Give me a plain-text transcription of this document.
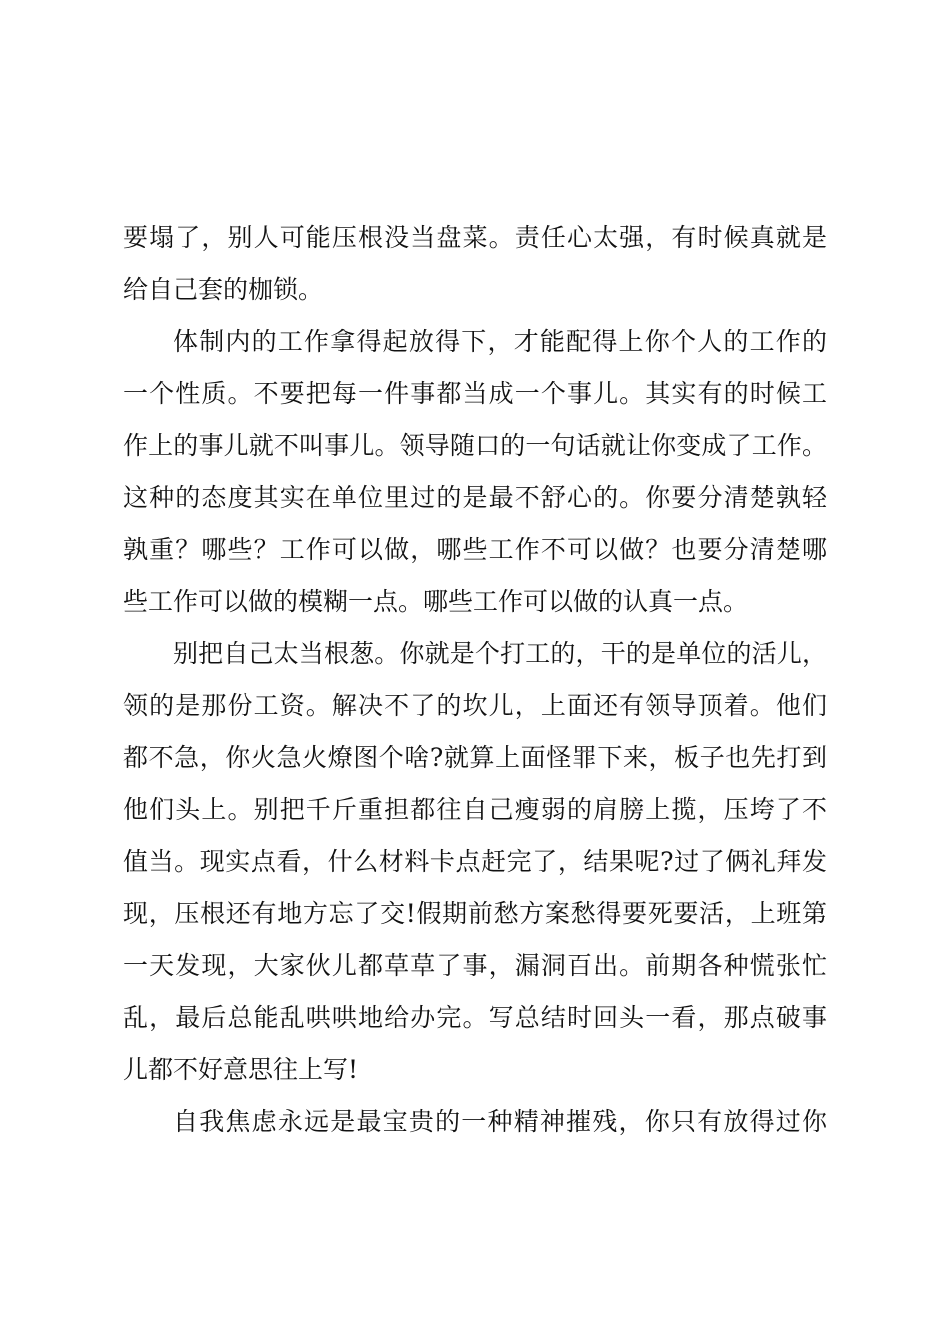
要塌了，别人可能压根没当盘菜。责任心太强，有时候真就是
给自己套的枷锁。
体制内的工作拿得起放得下，才能配得上你个人的工作的
一个性质。不要把每一件事都当成一个事儿。其实有的时候工
作上的事儿就不叫事儿。领导随口的一句话就让你变成了工作。
这种的态度其实在单位里过的是最不舒心的。你要分清楚孰轻
孰重？哪些？工作可以做，哪些工作不可以做？也要分清楚哪
些工作可以做的模糊一点。哪些工作可以做的认真一点。
别把自己太当根葱。你就是个打工的，干的是单位的活儿，
领的是那份工资。解决不了的坎儿，上面还有领导顶着。他们
都不急，你火急火燎图个啥?就算上面怪罪下来，板子也先打到
他们头上。别把千斤重担都往自己瘦弱的肩膀上揽，压垮了不
值当。现实点看，什么材料卡点赶完了，结果呢?过了俩礼拜发
现，压根还有地方忘了交!假期前愁方案愁得要死要活，上班第
一天发现，大家伙儿都草草了事，漏洞百出。前期各种慌张忙
乱，最后总能乱哄哄地给办完。写总结时回头一看，那点破事
儿都不好意思往上写!
自我焦虑永远是最宝贵的一种精神摧残，你只有放得过你
